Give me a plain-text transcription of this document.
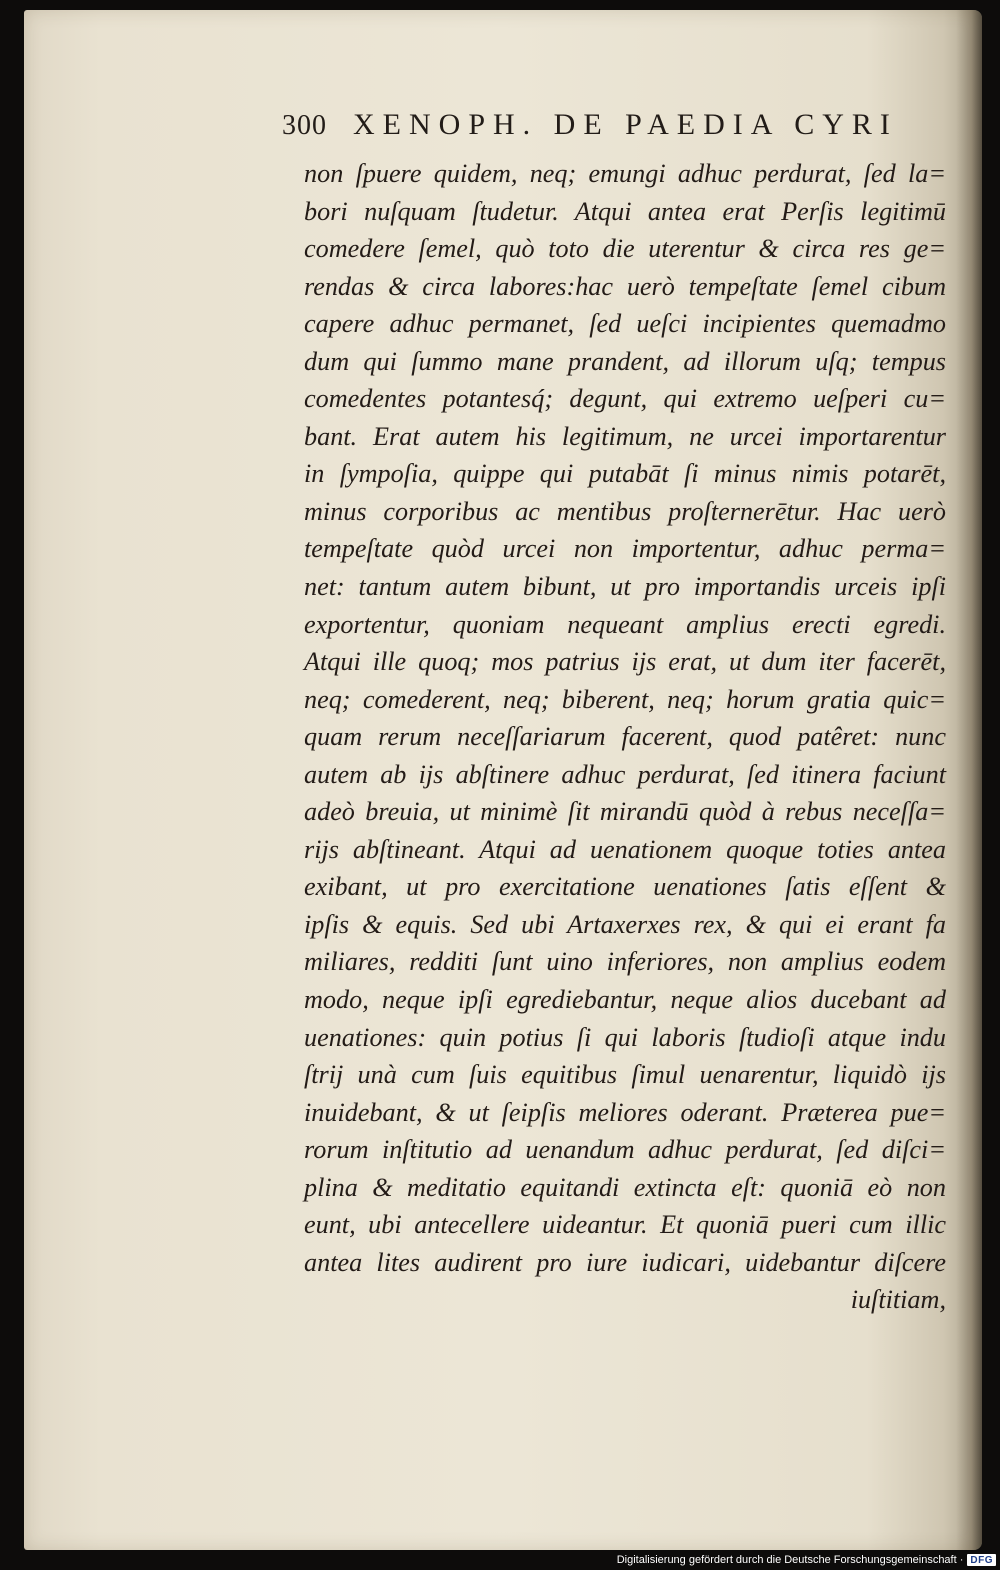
300 XENOPH. DE PAEDIA CYRI
non ſpuere quidem, neq; emungi adhuc perdurat, ſed la=
bori nuſquam ſtudetur. Atqui antea erat Perſis legitimū
comedere ſemel, quò toto die uterentur & circa res ge=
rendas & circa labores:hac uerò tempeſtate ſemel cibum
capere adhuc permanet, ſed ueſci incipientes quemadmo
dum qui ſummo mane prandent, ad illorum uſq; tempus
comedentes potantesq́; degunt, qui extremo ueſperi cu=
bant. Erat autem his legitimum, ne urcei importarentur
in ſympoſia, quippe qui putabāt ſi minus nimis potarēt,
minus corporibus ac mentibus proſternerētur. Hac uerò
tempeſtate quòd urcei non importentur, adhuc perma=
net: tantum autem bibunt, ut pro importandis urceis ipſi
exportentur, quoniam nequeant amplius erecti egredi.
Atqui ille quoq; mos patrius ijs erat, ut dum iter facerēt,
neq; comederent, neq; biberent, neq; horum gratia quic=
quam rerum neceſſariarum facerent, quod patêret: nunc
autem ab ijs abſtinere adhuc perdurat, ſed itinera faciunt
adeò breuia, ut minimè ſit mirandū quòd à rebus neceſſa=
rijs abſtineant. Atqui ad uenationem quoque toties antea
exibant, ut pro exercitatione uenationes ſatis eſſent &
ipſis & equis. Sed ubi Artaxerxes rex, & qui ei erant fa
miliares, redditi ſunt uino inferiores, non amplius eodem
modo, neque ipſi egrediebantur, neque alios ducebant ad
uenationes: quin potius ſi qui laboris ſtudioſi atque indu
ſtrij unà cum ſuis equitibus ſimul uenarentur, liquidò ijs
inuidebant, & ut ſeipſis meliores oderant. Prӕterea pue=
rorum inſtitutio ad uenandum adhuc perdurat, ſed diſci=
plina & meditatio equitandi extincta eſt: quoniā eò non
eunt, ubi antecellere uideantur. Et quoniā pueri cum illic
antea lites audirent pro iure iudicari, uidebantur diſcere
iuſtitiam,
Digitalisierung gefördert durch die Deutsche Forschungsgemeinschaft · DFG
